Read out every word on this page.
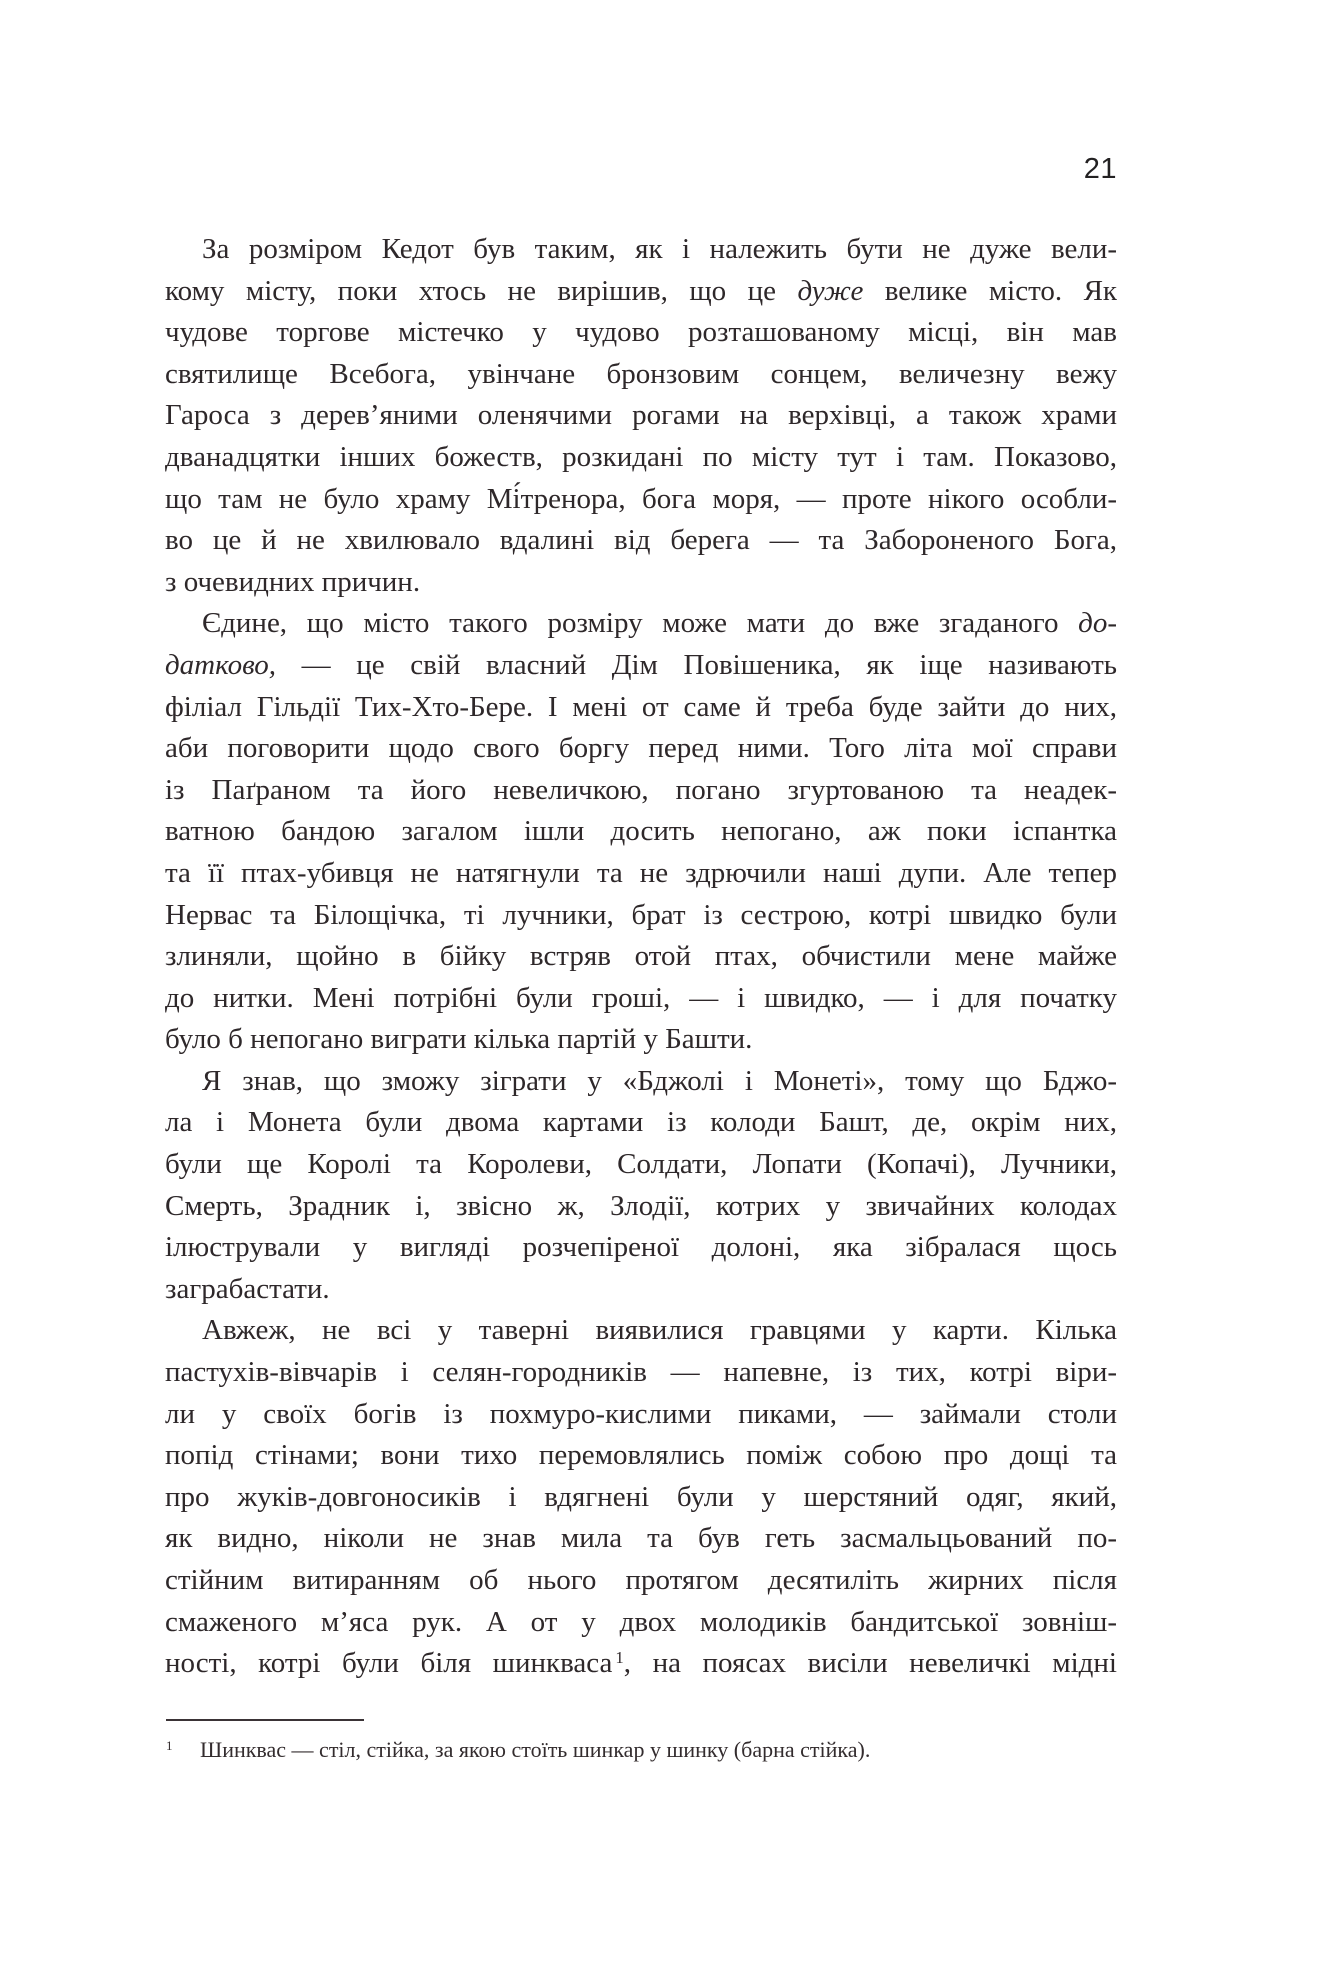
21
За розміром Кедот був таким, як і належить бути не дуже вели-
кому місту, поки хтось не вирішив, що це дуже велике місто. Як
чудове торгове містечко у чудово розташованому місці, він мав
святилище Всебога, увінчане бронзовим сонцем, величезну вежу
Гароса з дерев’яними оленячими рогами на верхівці, а також храми
дванадцятки інших божеств, розкидані по місту тут і там. Показово,
що там не було храму Мі́тренора, бога моря, — проте нікого особли-
во це й не хвилювало вдалині від берега — та Забороненого Бога,
з очевидних причин.
Єдине, що місто такого розміру може мати до вже згаданого до-
датково, — це свій власний Дім Повішеника, як іще називають
філіал Гільдії Тих-Хто-Бере. І мені от саме й треба буде зайти до них,
аби поговорити щодо свого боргу перед ними. Того літа мої справи
із Паґраном та його невеличкою, погано згуртованою та неадек-
ватною бандою загалом ішли досить непогано, аж поки іспантка
та її птах-убивця не натягнули та не здрючили наші дупи. Але тепер
Нервас та Білощічка, ті лучники, брат із сестрою, котрі швидко були
злиняли, щойно в бійку встряв отой птах, обчистили мене майже
до нитки. Мені потрібні були гроші, — і швидко, — і для початку
було б непогано виграти кілька партій у Башти.
Я знав, що зможу зіграти у «Бджолі і Монеті», тому що Бджо-
ла і Монета були двома картами із колоди Башт, де, окрім них,
були ще Королі та Королеви, Солдати, Лопати (Копачі), Лучники,
Смерть, Зрадник і, звісно ж, Злодії, котрих у звичайних колодах
ілюстрували у вигляді розчепіреної долоні, яка зібралася щось
заграбастати.
Авжеж, не всі у таверні виявилися гравцями у карти. Кілька
пастухів-вівчарів і селян-городників — напевне, із тих, котрі віри-
ли у своїх богів із похмуро-кислими пиками, — займали столи
попід стінами; вони тихо перемовлялись поміж собою про дощі та
про жуків-довгоносиків і вдягнені були у шерстяний одяг, який,
як видно, ніколи не знав мила та був геть засмальцьований по-
стійним витиранням об нього протягом десятиліть жирних після
смаженого м’яса рук. А от у двох молодиків бандитської зовніш-
ності, котрі були біля шинкваса $^1$, на поясах висіли невеличкі мідні
$^1$ Шинквас — стіл, стійка, за якою стоїть шинкар у шинку (барна стійка).
